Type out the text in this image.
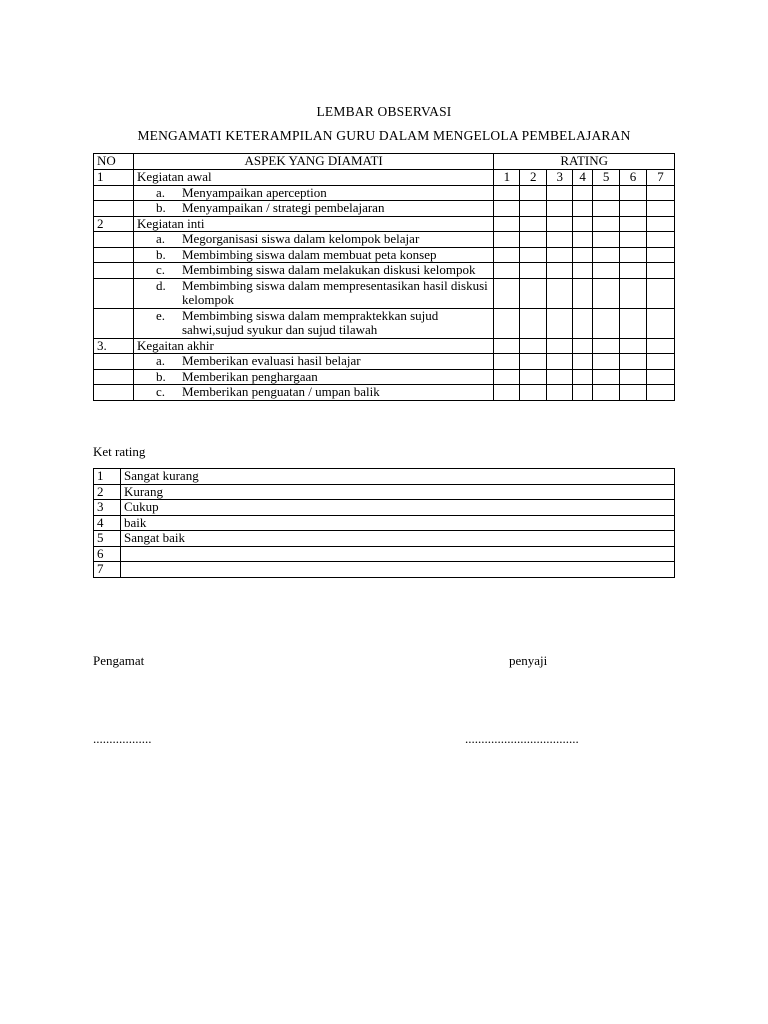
LEMBAR OBSERVASI
MENGAMATI KETERAMPILAN GURU DALAM MENGELOLA PEMBELAJARAN
NO	ASPEK YANG DIAMATI	RATING						
1	Kegiatan awal	1	2	3	4	5	6	7

	a. Menyampaikan aperception							

	b. Menyampaikan / strategi pembelajaran							

2	Kegiatan inti							

	a. Megorganisasi siswa dalam kelompok belajar							

	b. Membimbing siswa dalam membuat peta konsep							

	c. Membimbing siswa dalam melakukan diskusi kelompok							

	d. Membimbing siswa dalam mempresentasikan hasil diskusi kelompok							

	e. Membimbing siswa dalam mempraktekkan sujud sahwi,sujud syukur dan sujud tilawah							

3.	Kegaitan akhir							

	a. Memberikan evaluasi hasil belajar							

	b. Memberikan penghargaan							

	c. Memberikan penguatan / umpan balik							

Ket rating
1	Sangat kurang
2	Kurang
3	Cukup
4	baik
5	Sangat baik
6	
7	
Pengamat	penyaji
..................	...................................
